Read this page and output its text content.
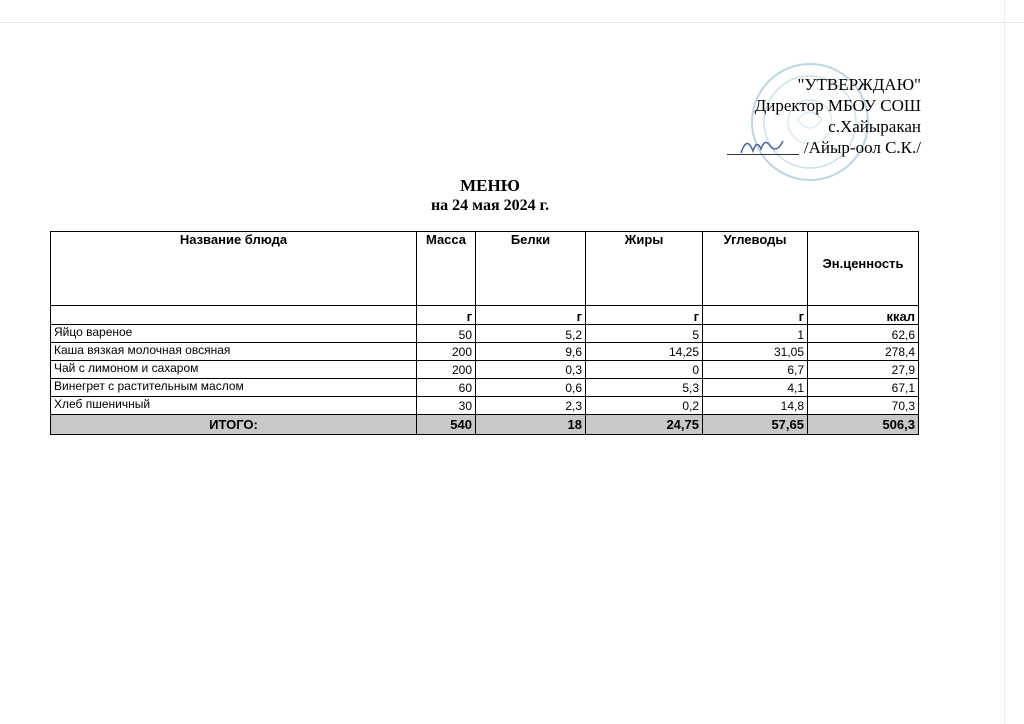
"УТВЕРЖДАЮ"
Директор МБОУ СОШ
с.Хайыракан
/Айыр-оол С.К./
МЕНЮ
на 24 мая 2024 г.
Название блюда	Масса	Белки	Жиры	Углеводы	Эн.ценность
	г	г	г	г	ккал
Яйцо вареное	50	5,2	5	1	62,6

Каша вязкая молочная овсяная	200	9,6	14,25	31,05	278,4
Чай с лимоном и сахаром	200	0,3	0	6,7	27,9
Винегрет с растительным маслом	60	0,6	5,3	4,1	67,1
Хлеб пшеничный	30	2,3	0,2	14,8	70,3
ИТОГО:	540	18	24,75	57,65	506,3
